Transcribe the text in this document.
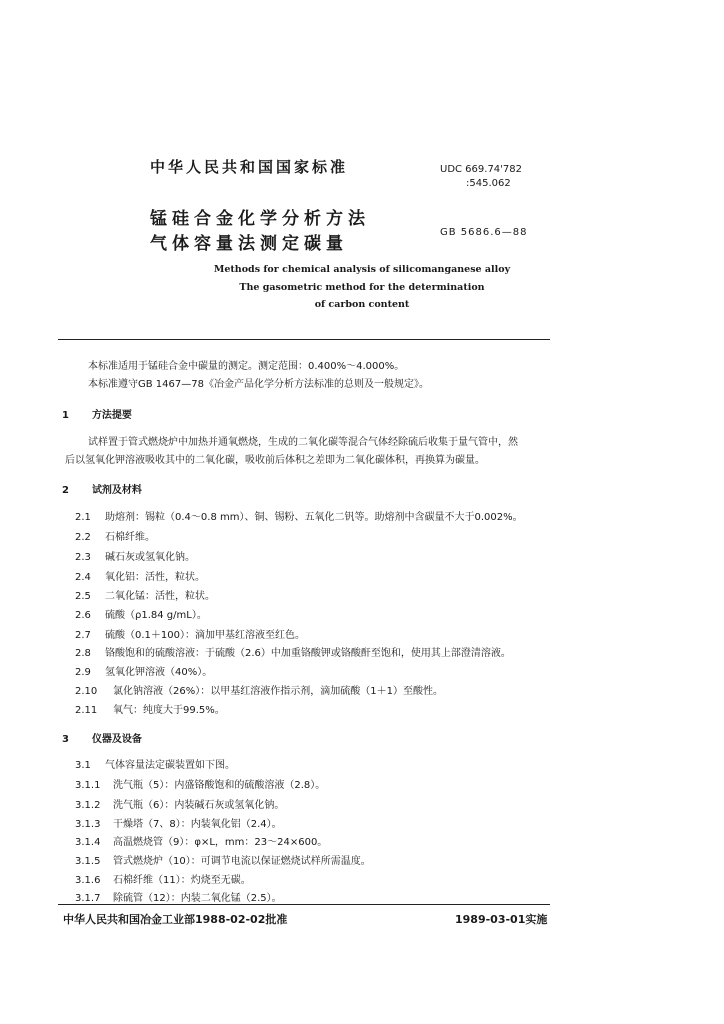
中华人民共和国国家标准
锰硅合金化学分析方法
气体容量法测定碳量
UDC 669.74'782
:545.062
GB 5686.6—88
Methods for chemical analysis of silicomanganese alloy
The gasometric method for the determination
of carbon content
本标准适用于锰硅合金中碳量的测定。测定范围：0.400%～4.000%。
本标准遵守GB 1467—78《冶金产品化学分析方法标准的总则及一般规定》。
1 方法提要
试样置于管式燃烧炉中加热并通氧燃烧，生成的二氧化碳等混合气体经除硫后收集于量气管中，然
后以氢氧化钾溶液吸收其中的二氧化碳，吸收前后体积之差即为二氧化碳体积，再换算为碳量。
2 试剂及材料
2.1 助熔剂：锡粒（0.4～0.8 mm）、铜、锡粉、五氧化二钒等。助熔剂中含碳量不大于0.002%。
2.2 石棉纤维。
2.3 碱石灰或氢氧化钠。
2.4 氧化铝：活性，粒状。
2.5 二氧化锰：活性，粒状。
2.6 硫酸（ρ1.84 g/mL）。
2.7 硫酸（0.1＋100）：滴加甲基红溶液至红色。
2.8 铬酸饱和的硫酸溶液：于硫酸（2.6）中加重铬酸钾或铬酸酐至饱和，使用其上部澄清溶液。
2.9 氢氧化钾溶液（40%）。
2.10 氯化钠溶液（26%）：以甲基红溶液作指示剂，滴加硫酸（1＋1）至酸性。
2.11 氧气：纯度大于99.5%。
3 仪器及设备
3.1 气体容量法定碳装置如下图。
3.1.1 洗气瓶（5）：内盛铬酸饱和的硫酸溶液（2.8）。
3.1.2 洗气瓶（6）：内装碱石灰或氢氧化钠。
3.1.3 干燥塔（7、8）：内装氧化铝（2.4）。
3.1.4 高温燃烧管（9）：φ×L，mm：23～24×600。
3.1.5 管式燃烧炉（10）：可调节电流以保证燃烧试样所需温度。
3.1.6 石棉纤维（11）：灼烧至无碳。
3.1.7 除硫管（12）：内装二氧化锰（2.5）。
中华人民共和国冶金工业部1988-02-02批准	1989-03-01实施
